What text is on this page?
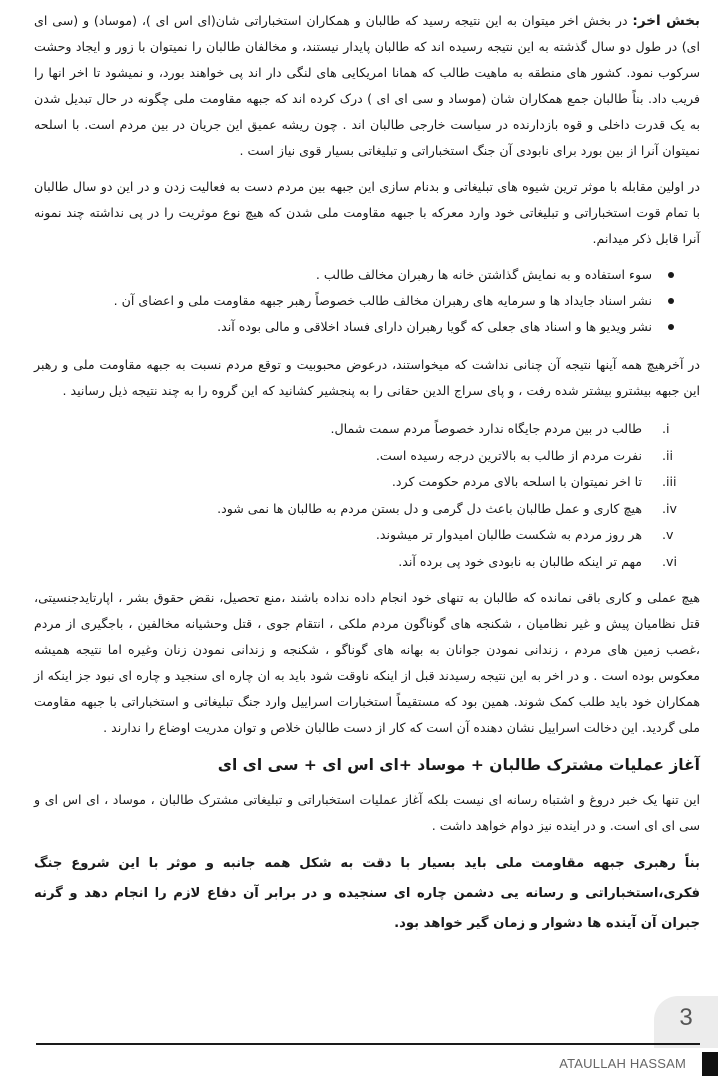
بخش اخر: در بخش اخر میتوان به این نتیجه رسید که طالبان و همکاران استخباراتی شان(ای اس ای )، (موساد) و (سی ای ای) در طول دو سال گذشته به این نتیجه رسیده اند که طالبان پایدار نیستند، و مخالفان طالبان را نمیتوان با زور و ایجاد وحشت سرکوب نمود. کشور های منطقه به ماهیت طالب که همانا امریکایی های لنگی دار اند پی خواهند بورد، و نمیشود تا اخر انها را فریب داد. بناً طالبان جمع همکاران شان (موساد و سی ای ای ) درک کرده اند که جبهه مقاومت ملی چگونه در حال تبدیل شدن به یک قدرت داخلی و قوه بازدارنده در سیاست خارجی طالبان اند . چون ریشه عمیق این جریان در بین مردم است. با اسلحه نمیتوان آنرا از بین بورد برای نابودی آن جنگ استخباراتی و تبلیغاتی بسیار قوی نیاز است .

در اولین مقابله با موثر ترین شیوه های تبلیغاتی و بدنام سازی این جبهه بین مردم دست به فعالیت زدن و در این دو سال طالبان با تمام قوت استخباراتی و تبلیغاتی خود وارد معرکه با جبهه مقاومت ملی شدن که هیچ نوع موثریت را در پی نداشته چند نمونه آنرا قابل ذکر میدانم.

سوء استفاده و به نمایش گذاشتن خانه ها رهبران مخالف طالب .
نشر اسناد جایداد ها و سرمایه های رهبران مخالف طالب خصوصاً رهبر جبهه مقاومت ملی و اعضای آن .
نشر ویدیو ها و اسناد های جعلی که گویا رهبران دارای فساد اخلاقی و مالی بوده آند.

در آخرهیچ همه آینها نتیجه آن چنانی نداشت که میخواستند، درعوض محبوبیت و توقع مردم نسبت به جبهه مقاومت ملی و رهبر این جبهه بیشترو بیشتر شده رفت ، و پای سراج الدین حقانی را به پنجشیر کشانید که این گروه را به چند نتیجه ذیل رسانید .

i.
طالب در بین مردم جایگاه ندارد خصوصاً مردم سمت شمال.
ii.
نفرت مردم از طالب به بالاترین درجه رسیده است.
iii.
تا اخر نمیتوان با اسلحه بالای مردم حکومت کرد.
iv.
هیچ کاری و عمل طالبان باعث دل گرمی و دل بستن مردم به طالبان ها نمی شود.
v.
هر روز مردم به شکست طالبان امیدوار تر میشوند.
vi.
مهم تر اینکه طالبان به نابودی خود پی برده آند.

هیچ عملی و کاری باقی نمانده که طالبان به تنهای خود انجام داده نداده باشند ،منع تحصیل، نقض حقوق بشر ، اپارتایدجنسیتی، قتل نظامیان پیش و غیر نظامیان ، شکنجه های گوناگون مردم ملکی ، انتقام جوی ، قتل وحشیانه مخالفین ، باجگیری از مردم ،غصب زمین های مردم ، زندانی نمودن جوانان به بهانه های گوناگو ، شکنجه و زندانی نمودن زنان وغیره اما نتیجه همیشه معکوس بوده است . و در اخر به این نتیجه رسیدند قبل از اینکه ناوقت شود باید به ان چاره ای سنجید و چاره ای نبود جز اینکه از همکاران خود باید طلب کمک شوند. همین بود که مستقیماً استخبارات اسراییل وارد جنگ تبلیغاتی و استخباراتی با جبهه مقاومت ملی گردید. این دخالت اسراییل نشان دهنده آن است که کار از دست طالبان خلاص و توان مدریت اوضاع را ندارند .

آغاز عملیات مشترک طالبان + موساد +ای اس ای + سی ای ای

این تنها یک خبر دروغ و اشتباه رسانه ای نیست بلکه آغاز عملیات استخباراتی و تبلیغاتی مشترک طالبان ، موساد ، ای اس ای و سی ای ای است. و در اینده نیز دوام خواهد داشت .

بناً رهبری جبهه مقاومت ملی باید بسیار با دقت به شکل همه جانبه و موثر با این شروع جنگ فکری،استخباراتی و رسانه یی دشمن چاره ای سنجیده و در برابر آن دفاع لازم را انجام دهد و گرنه جبران آن آینده ها دشوار و زمان گیر خواهد بود.

3
ATAULLAH HASSAM
